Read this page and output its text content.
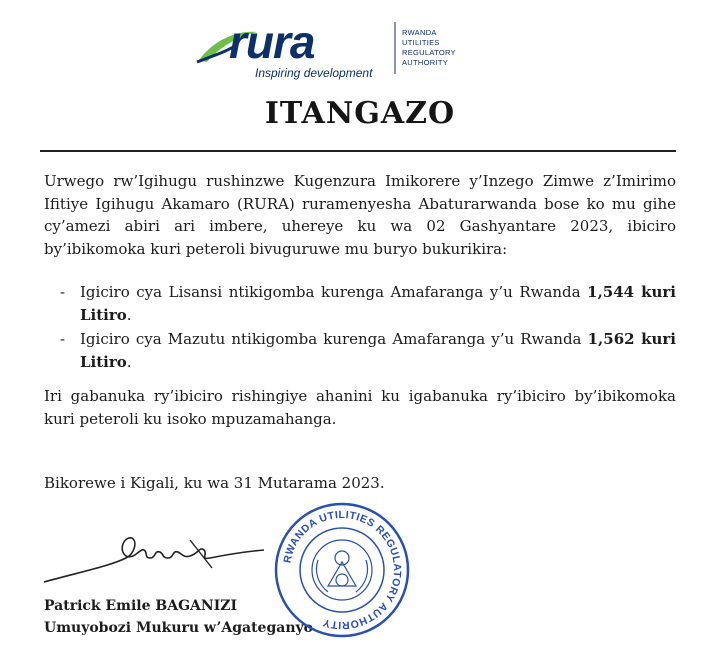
rura
Inspiring development
RWANDA
UTILITIES
REGULATORY
AUTHORITY
ITANGAZO
Urwego rw’Igihugu rushinzwe Kugenzura Imikorere y’Inzego Zimwe z’Imirimo Ifitiye Igihugu Akamaro (RURA) ruramenyesha Abaturarwanda bose ko mu gihe cy’amezi abiri ari imbere, uhereye ku wa 02 Gashyantare 2023, ibiciro by’ibikomoka kuri peteroli bivuguruwe mu buryo bukurikira:
- Igiciro cya Lisansi ntikigomba kurenga Amafaranga y’u Rwanda 1,544 kuri Litiro.
- Igiciro cya Mazutu ntikigomba kurenga Amafaranga y’u Rwanda 1,562 kuri Litiro.
Iri gabanuka ry’ibiciro rishingiye ahanini ku igabanuka ry’ibiciro by’ibikomoka kuri peteroli ku isoko mpuzamahanga.
Bikorewe i Kigali, ku wa 31 Mutarama 2023.
Patrick Emile BAGANIZI
Umuyobozi Mukuru w’Agateganyo
RWANDA UTILITIES REGULATORY AUTHORITY
